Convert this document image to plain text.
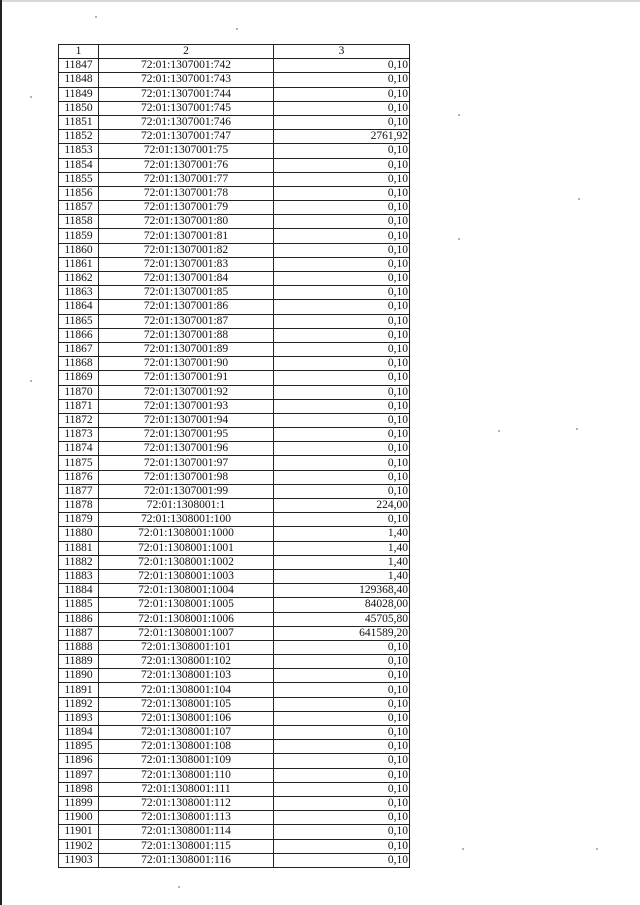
1	2	3
11847	72:01:1307001:742	0,10
11848	72:01:1307001:743	0,10
11849	72:01:1307001:744	0,10
11850	72:01:1307001:745	0,10
11851	72:01:1307001:746	0,10
11852	72:01:1307001:747	2761,92
11853	72:01:1307001:75	0,10
11854	72:01:1307001:76	0,10
11855	72:01:1307001:77	0,10
11856	72:01:1307001:78	0,10
11857	72:01:1307001:79	0,10
11858	72:01:1307001:80	0,10
11859	72:01:1307001:81	0,10
11860	72:01:1307001:82	0,10
11861	72:01:1307001:83	0,10
11862	72:01:1307001:84	0,10
11863	72:01:1307001:85	0,10
11864	72:01:1307001:86	0,10
11865	72:01:1307001:87	0,10
11866	72:01:1307001:88	0,10
11867	72:01:1307001:89	0,10
11868	72:01:1307001:90	0,10
11869	72:01:1307001:91	0,10
11870	72:01:1307001:92	0,10
11871	72:01:1307001:93	0,10
11872	72:01:1307001:94	0,10
11873	72:01:1307001:95	0,10
11874	72:01:1307001:96	0,10
11875	72:01:1307001:97	0,10
11876	72:01:1307001:98	0,10
11877	72:01:1307001:99	0,10
11878	72:01:1308001:1	224,00
11879	72:01:1308001:100	0,10
11880	72:01:1308001:1000	1,40
11881	72:01:1308001:1001	1,40
11882	72:01:1308001:1002	1,40
11883	72:01:1308001:1003	1,40
11884	72:01:1308001:1004	129368,40
11885	72:01:1308001:1005	84028,00
11886	72:01:1308001:1006	45705,80
11887	72:01:1308001:1007	641589,20
11888	72:01:1308001:101	0,10
11889	72:01:1308001:102	0,10
11890	72:01:1308001:103	0,10
11891	72:01:1308001:104	0,10
11892	72:01:1308001:105	0,10
11893	72:01:1308001:106	0,10
11894	72:01:1308001:107	0,10
11895	72:01:1308001:108	0,10
11896	72:01:1308001:109	0,10
11897	72:01:1308001:110	0,10
11898	72:01:1308001:111	0,10
11899	72:01:1308001:112	0,10
11900	72:01:1308001:113	0,10
11901	72:01:1308001:114	0,10
11902	72:01:1308001:115	0,10
11903	72:01:1308001:116	0,10
